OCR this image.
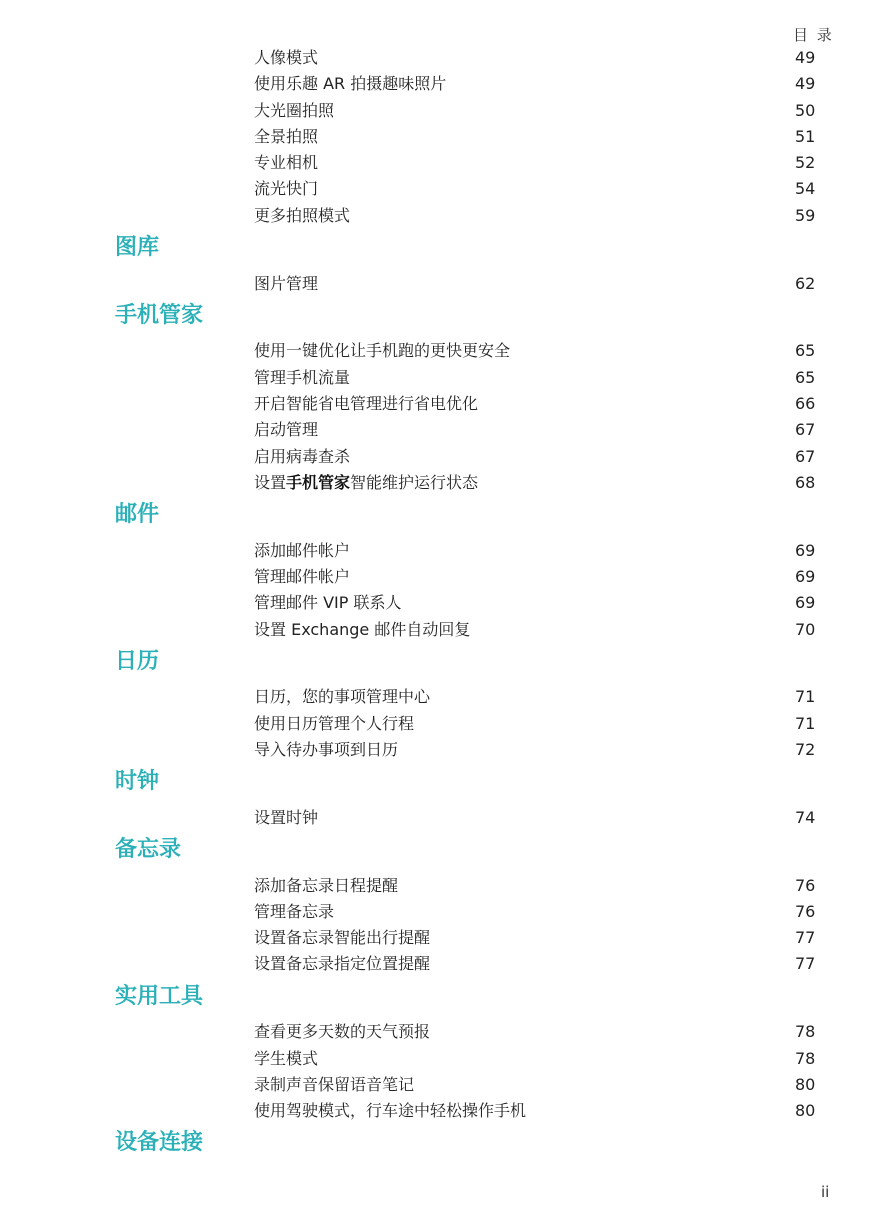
目 录
人像模式	49
使用乐趣 AR 拍摄趣味照片	49
大光圈拍照	50
全景拍照	51
专业相机	52
流光快门	54
更多拍照模式	59
图库
图片管理	62
手机管家
使用一键优化让手机跑的更快更安全	65
管理手机流量	65
开启智能省电管理进行省电优化	66
启动管理	67
启用病毒查杀	67
设置手机管家智能维护运行状态	68
邮件
添加邮件帐户	69
管理邮件帐户	69
管理邮件 VIP 联系人	69
设置 Exchange 邮件自动回复	70
日历
日历，您的事项管理中心	71
使用日历管理个人行程	71
导入待办事项到日历	72
时钟
设置时钟	74
备忘录
添加备忘录日程提醒	76
管理备忘录	76
设置备忘录智能出行提醒	77
设置备忘录指定位置提醒	77
实用工具
查看更多天数的天气预报	78
学生模式	78
录制声音保留语音笔记	80
使用驾驶模式，行车途中轻松操作手机	80
设备连接
ii
